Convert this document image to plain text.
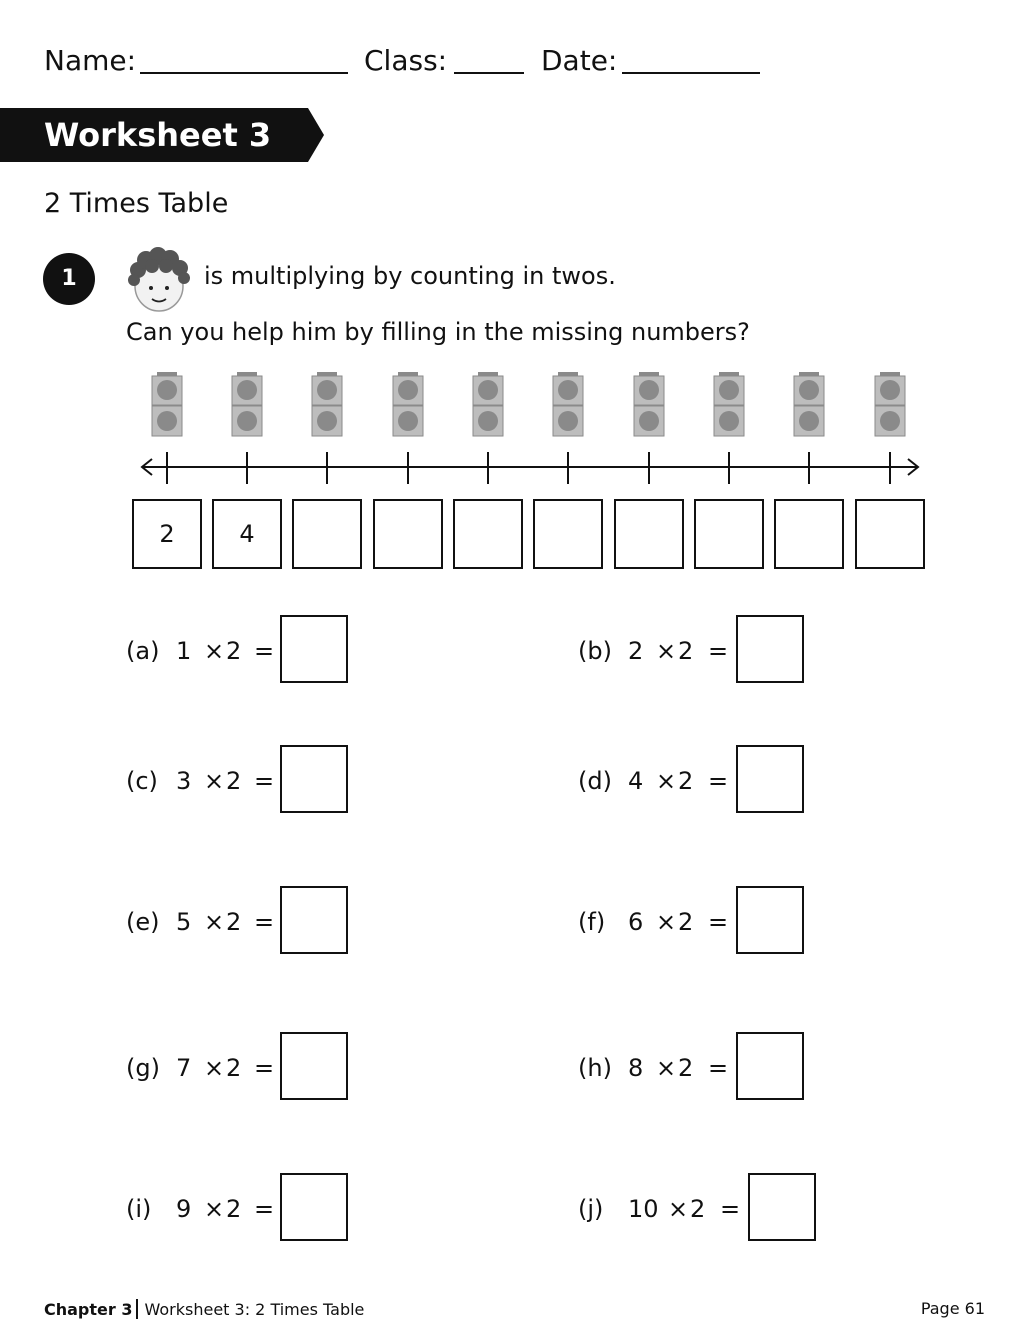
Name:	Class:	Date:
Worksheet 3
2 Times Table
1	is multiplying by counting in twos.
Can you help him by filling in the missing numbers?
2	4
(a) 1 × 2 =	(b) 2 × 2 =
(c) 3 × 2 =	(d) 4 × 2 =
(e) 5 × 2 =	(f) 6 × 2 =
(g) 7 × 2 =	(h) 8 × 2 =
(i) 9 × 2 =	(j) 10 × 2 =
Chapter 3 Worksheet 3: 2 Times Table	Page 61
